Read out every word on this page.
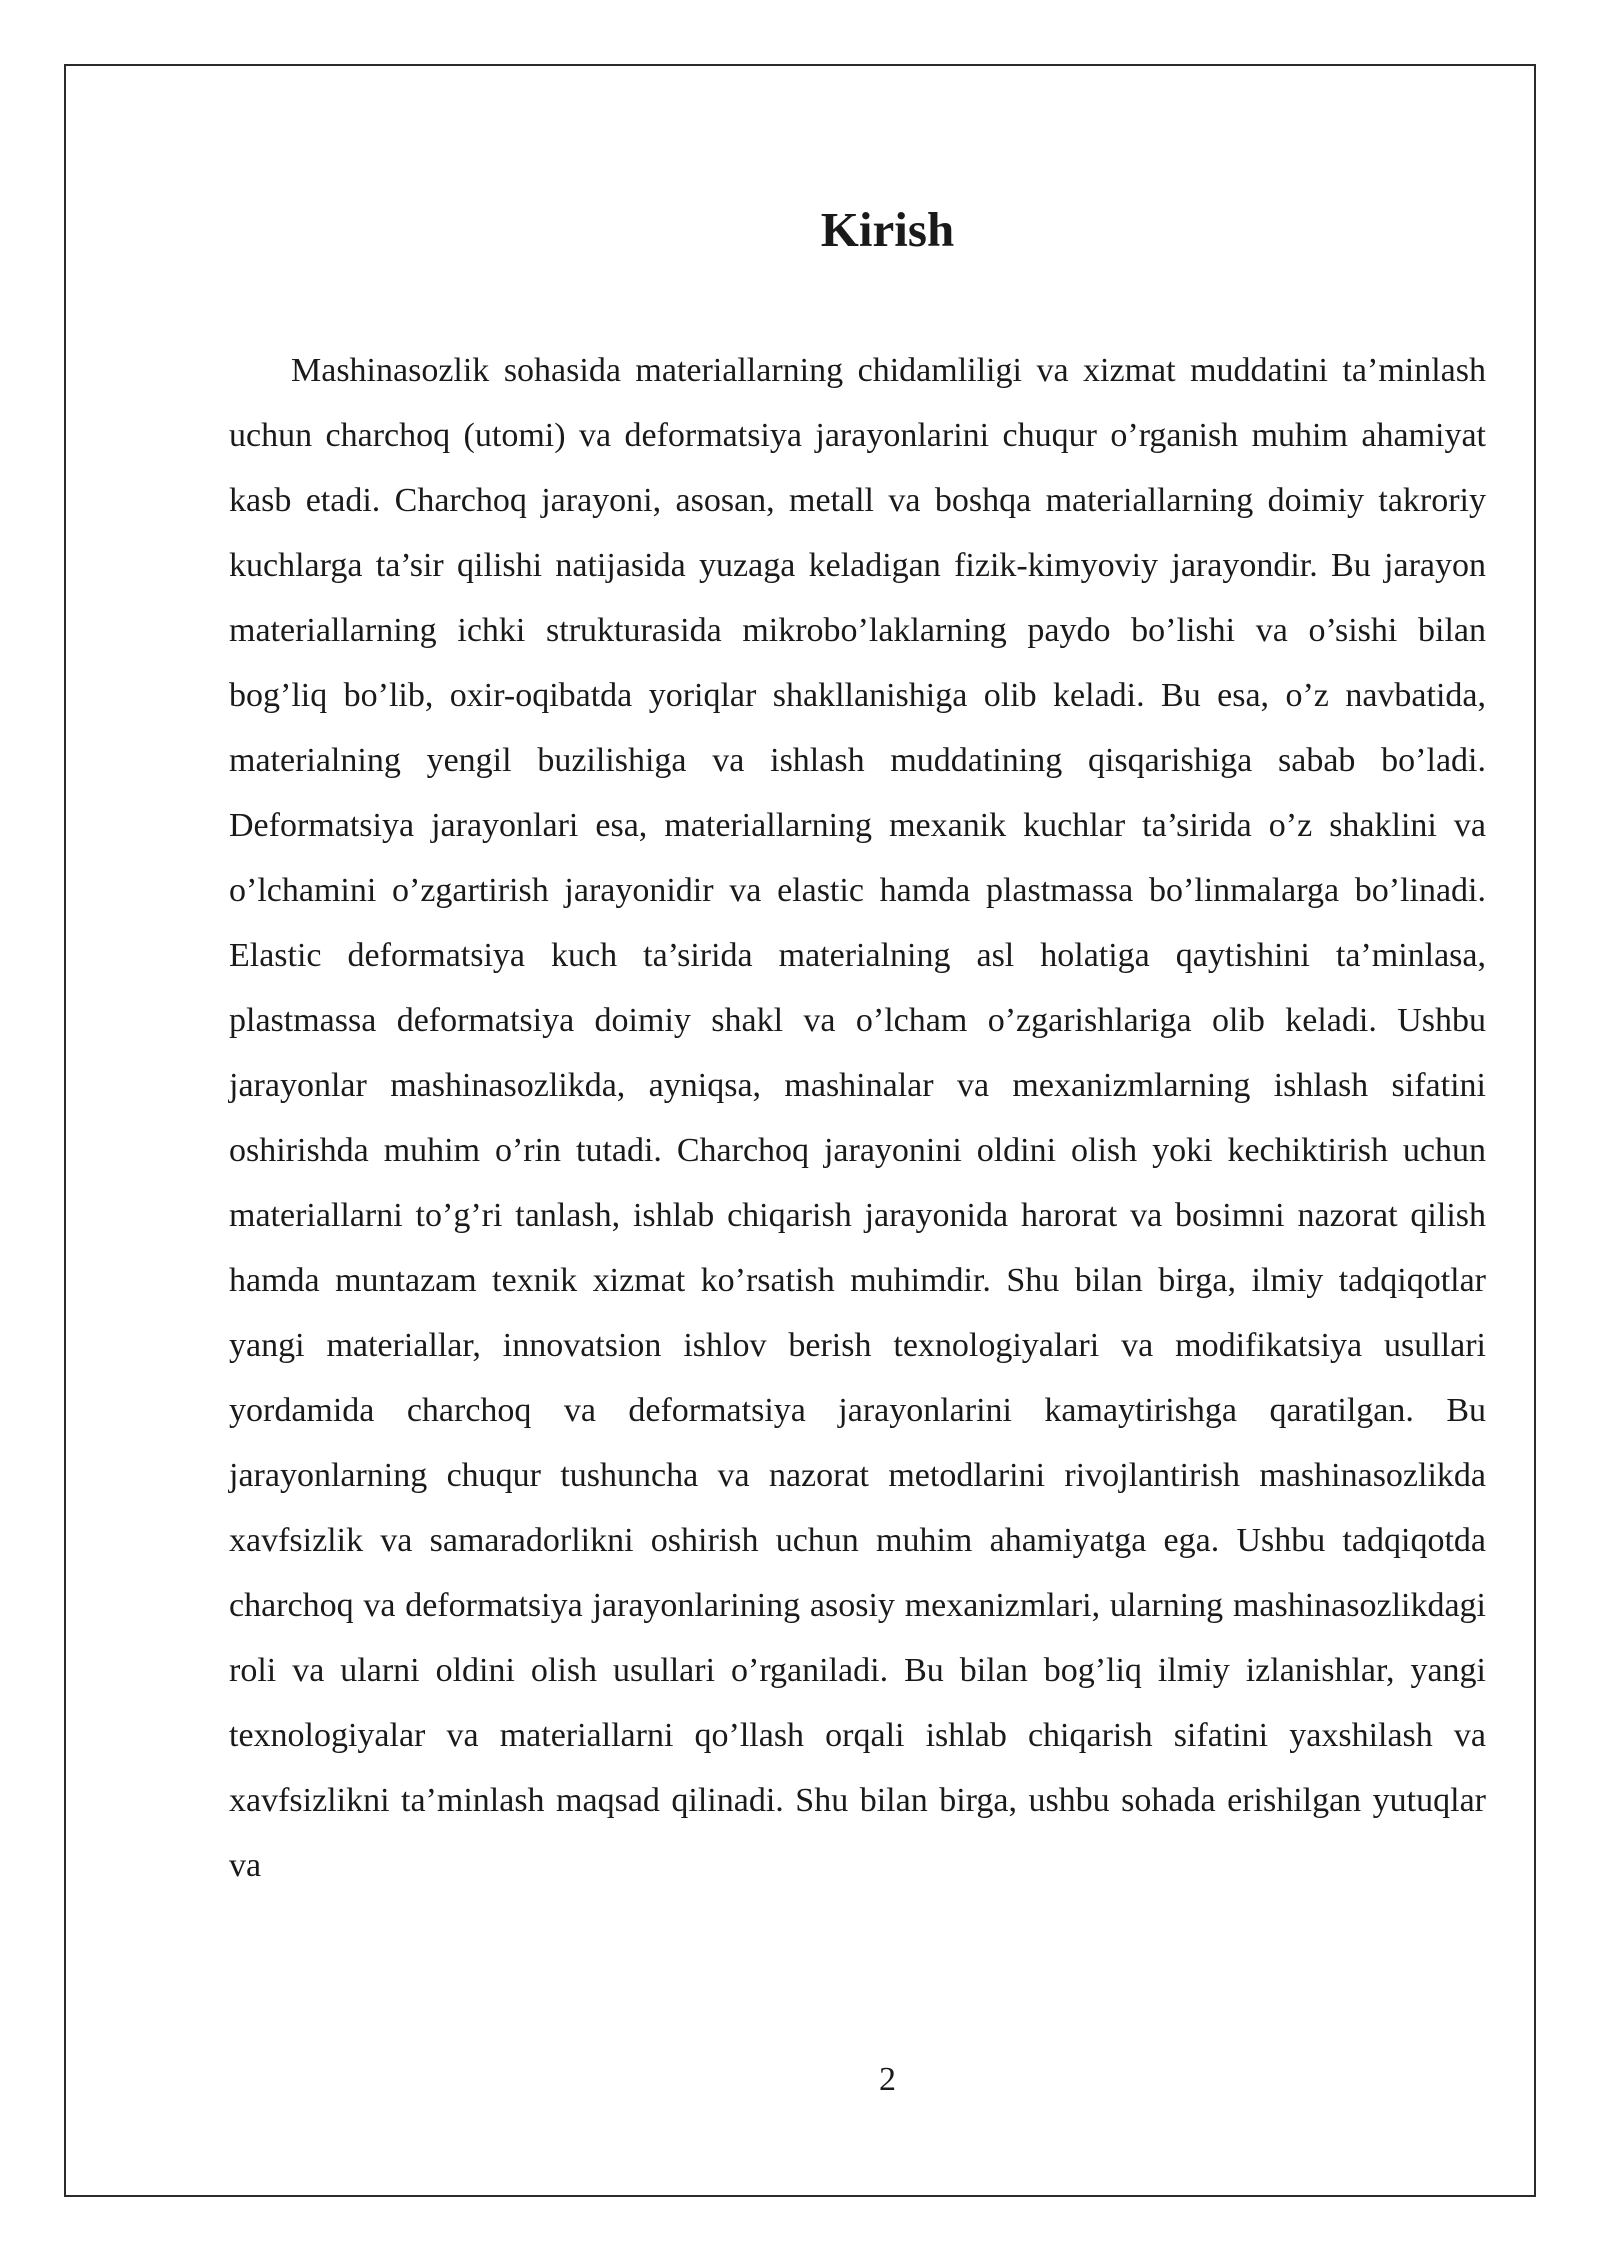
Kirish

Mashinasozlik sohasida materiallarning chidamliligi va xizmat muddatini ta’minlash uchun charchoq (utomi) va deformatsiya jarayonlarini chuqur o’rganish muhim ahamiyat kasb etadi. Charchoq jarayoni, asosan, metall va boshqa materiallarning doimiy takroriy kuchlarga ta’sir qilishi natijasida yuzaga keladigan fizik-kimyoviy jarayondir. Bu jarayon materiallarning ichki strukturasida mikrobo’laklarning paydo bo’lishi va o’sishi bilan bog’liq bo’lib, oxir-oqibatda yoriqlar shakllanishiga olib keladi. Bu esa, o’z navbatida, materialning yengil buzilishiga va ishlash muddatining qisqarishiga sabab bo’ladi. Deformatsiya jarayonlari esa, materiallarning mexanik kuchlar ta’sirida o’z shaklini va o’lchamini o’zgartirish jarayonidir va elastic hamda plastmassa bo’linmalarga bo’linadi. Elastic deformatsiya kuch ta’sirida materialning asl holatiga qaytishini ta’minlasa, plastmassa deformatsiya doimiy shakl va o’lcham o’zgarishlariga olib keladi. Ushbu jarayonlar mashinasozlikda, ayniqsa, mashinalar va mexanizmlarning ishlash sifatini oshirishda muhim o’rin tutadi. Charchoq jarayonini oldini olish yoki kechiktirish uchun materiallarni to’g’ri tanlash, ishlab chiqarish jarayonida harorat va bosimni nazorat qilish hamda muntazam texnik xizmat ko’rsatish muhimdir. Shu bilan birga, ilmiy tadqiqotlar yangi materiallar, innovatsion ishlov berish texnologiyalari va modifikatsiya usullari yordamida charchoq va deformatsiya jarayonlarini kamaytirishga qaratilgan. Bu jarayonlarning chuqur tushuncha va nazorat metodlarini rivojlantirish mashinasozlikda xavfsizlik va samaradorlikni oshirish uchun muhim ahamiyatga ega. Ushbu tadqiqotda charchoq va deformatsiya jarayonlarining asosiy mexanizmlari, ularning mashinasozlikdagi roli va ularni oldini olish usullari o’rganiladi. Bu bilan bog’liq ilmiy izlanishlar, yangi texnologiyalar va materiallarni qo’llash orqali ishlab chiqarish sifatini yaxshilash va xavfsizlikni ta’minlash maqsad qilinadi. Shu bilan birga, ushbu sohada erishilgan yutuqlar va

2
